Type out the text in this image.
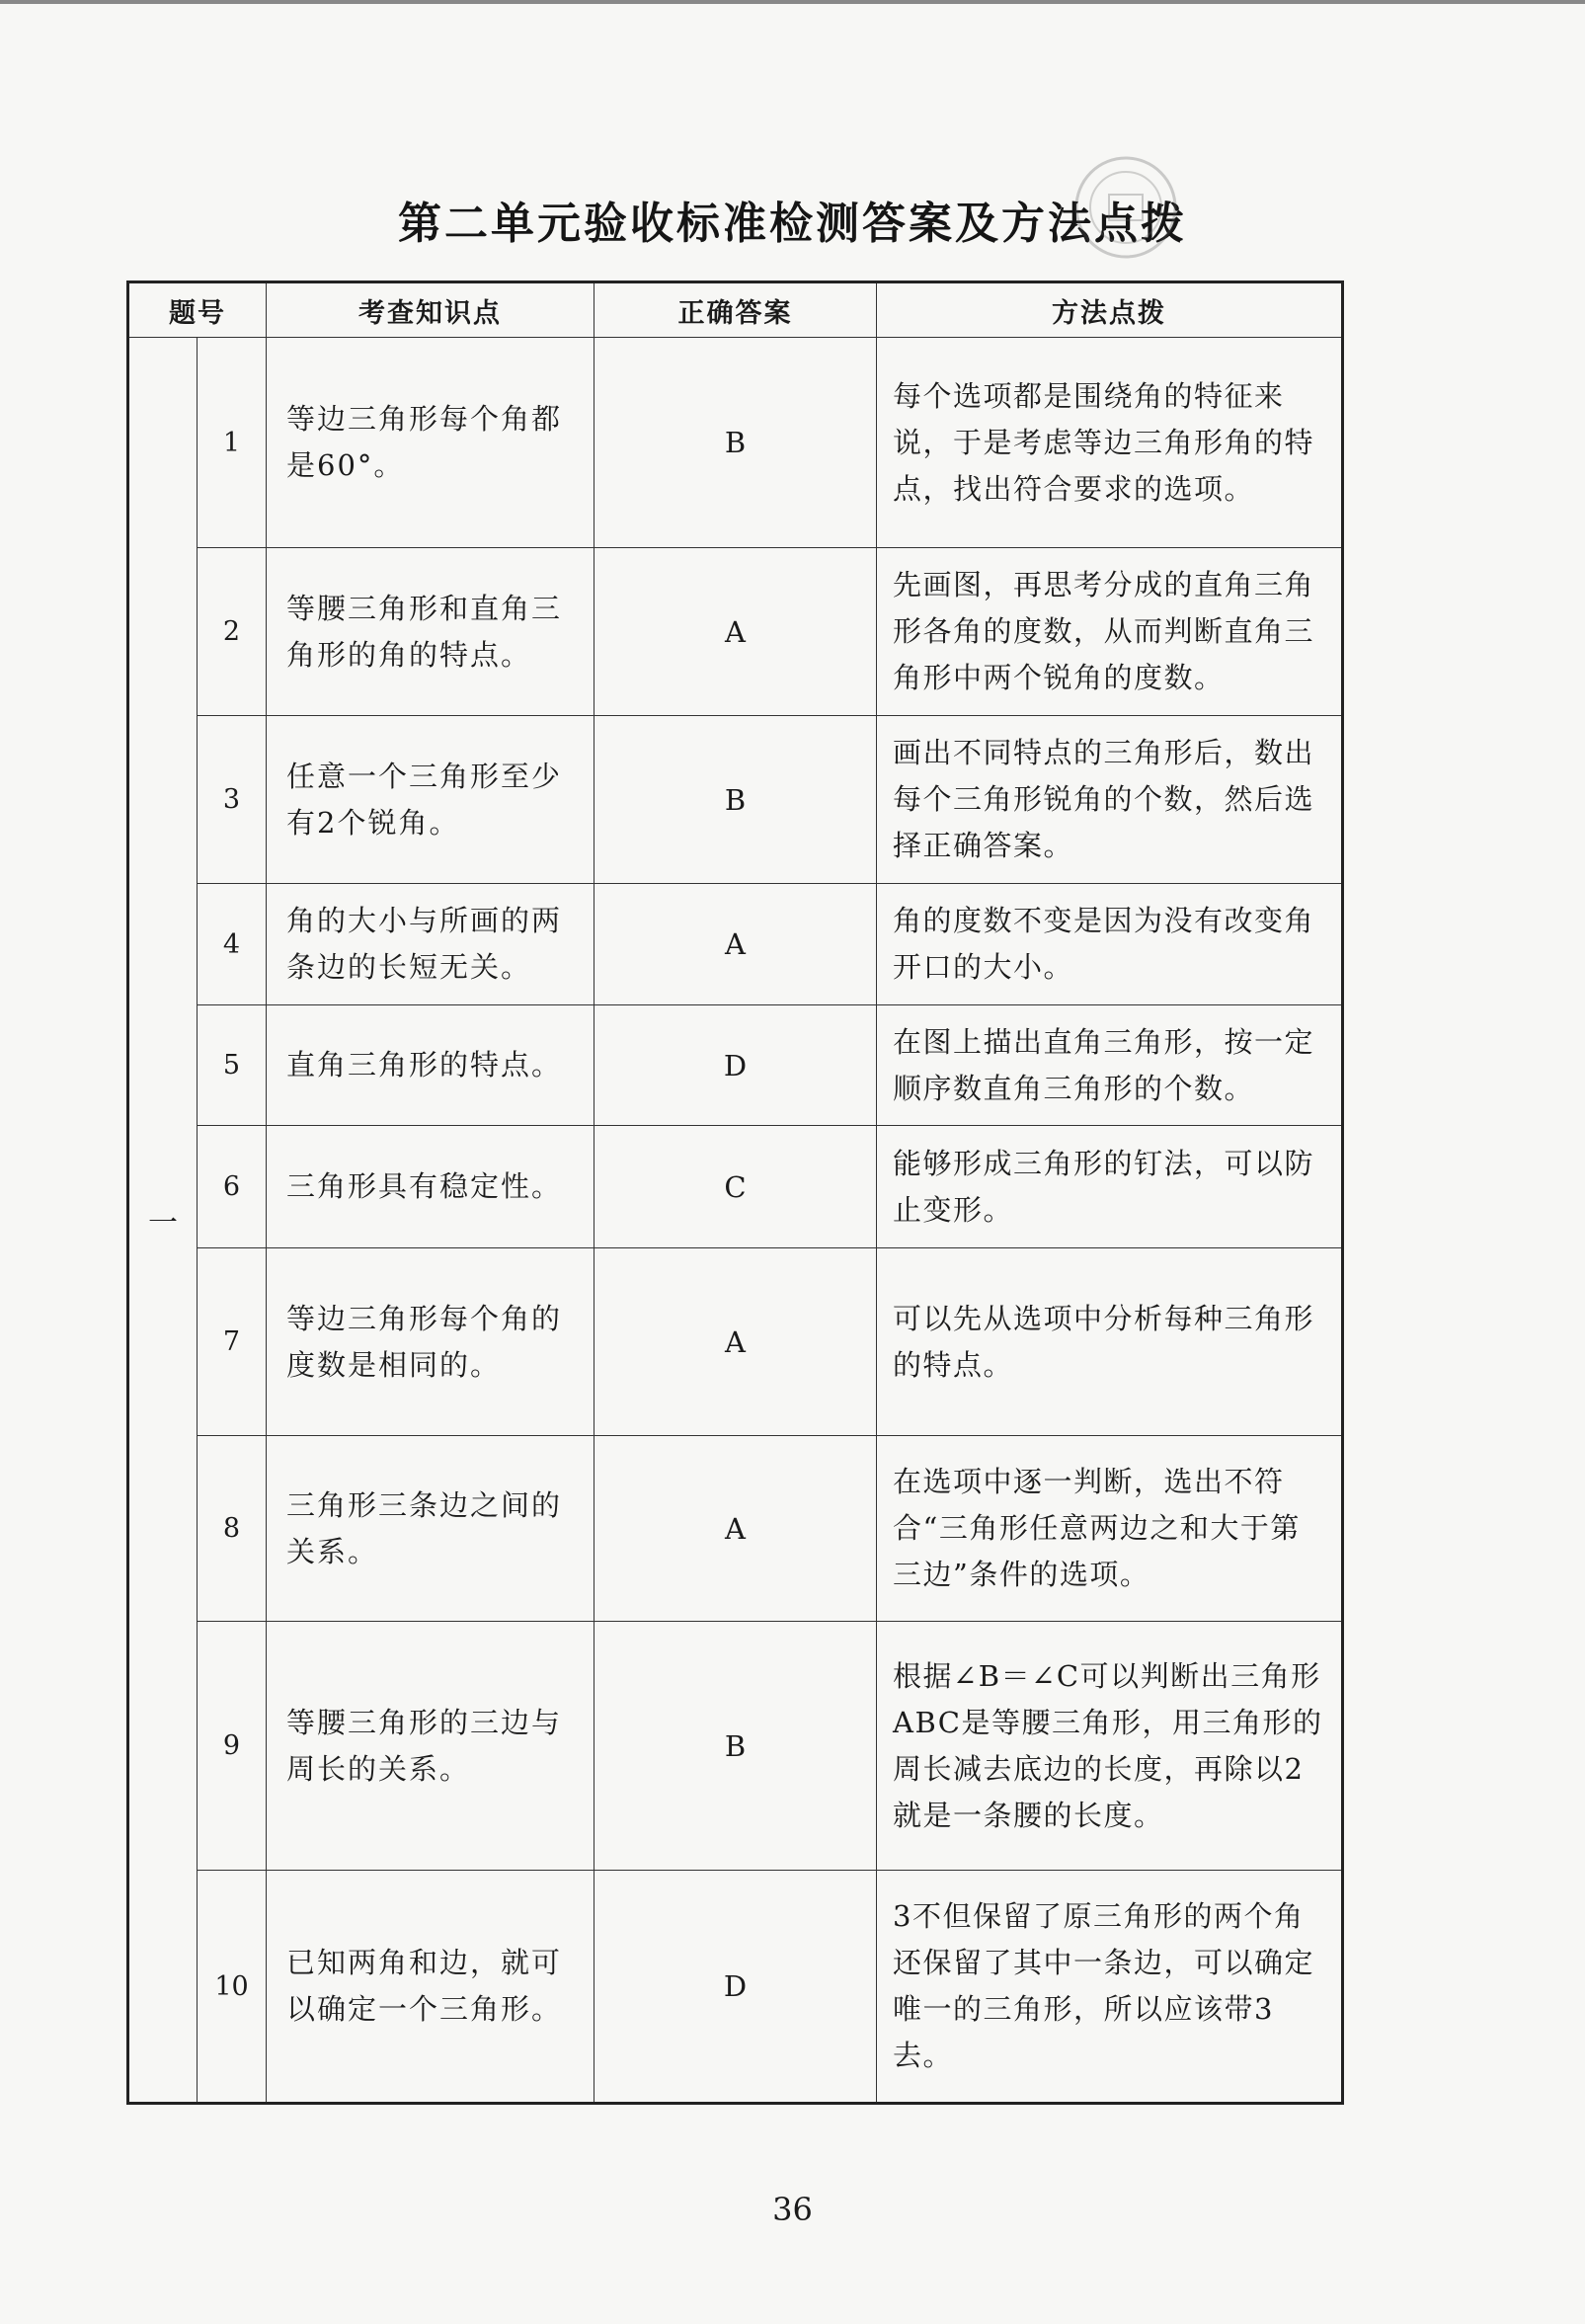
第二单元验收标准检测答案及方法点拨
题号		考查知识点	正确答案	方法点拨
一	1	等边三角形每个角都是60°。	B	每个选项都是围绕角的特征来说，于是考虑等边三角形角的特点，找出符合要求的选项。
	2	等腰三角形和直角三角形的角的特点。	A	先画图，再思考分成的直角三角形各角的度数，从而判断直角三角形中两个锐角的度数。
	3	任意一个三角形至少有2个锐角。	B	画出不同特点的三角形后，数出每个三角形锐角的个数，然后选择正确答案。
	4	角的大小与所画的两条边的长短无关。	A	角的度数不变是因为没有改变角开口的大小。
	5	直角三角形的特点。	D	在图上描出直角三角形，按一定顺序数直角三角形的个数。
	6	三角形具有稳定性。	C	能够形成三角形的钉法，可以防止变形。
	7	等边三角形每个角的度数是相同的。	A	可以先从选项中分析每种三角形的特点。
	8	三角形三条边之间的关系。	A	在选项中逐一判断，选出不符合“三角形任意两边之和大于第三边”条件的选项。
	9	等腰三角形的三边与周长的关系。	B	根据∠B＝∠C可以判断出三角形ABC是等腰三角形，用三角形的周长减去底边的长度，再除以2就是一条腰的长度。
	10	已知两角和边，就可以确定一个三角形。	D	3不但保留了原三角形的两个角还保留了其中一条边，可以确定唯一的三角形，所以应该带3去。
36
